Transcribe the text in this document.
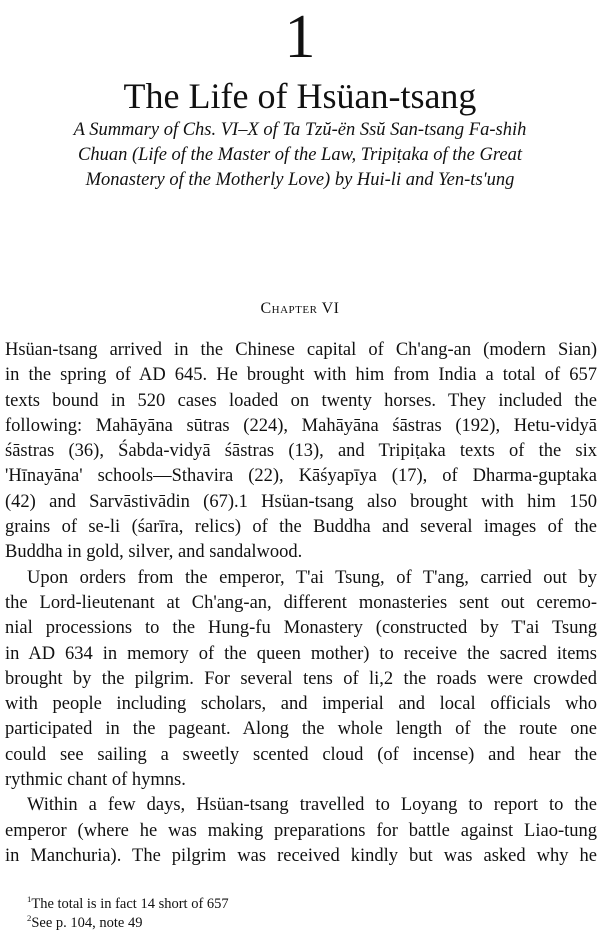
1
The Life of Hsüan-tsang

A Summary of Chs. VI–X of Ta Tzŭ-ën Ssŭ San-tsang Fa-shih

Chuan (Life of the Master of the Law, Tripiṭaka of the Great

Monastery of the Motherly Love) by Hui-li and Yen-ts'ung

Chapter VI
Hsüan-tsang arrived in the Chinese capital of Ch'ang-an (modern Sian)
in the spring of AD 645. He brought with him from India a total of 657
texts bound in 520 cases loaded on twenty horses. They included the
following: Mahāyāna sūtras (224), Mahāyāna śāstras (192), Hetu-vidyā
śāstras (36), Śabda-vidyā śāstras (13), and Tripiṭaka texts of the six
'Hīnayāna' schools—Sthavira (22), Kāśyapīya (17), of Dharma-guptaka
(42) and Sarvāstivādin (67).1 Hsüan-tsang also brought with him 150
grains of se-li (śarīra, relics) of the Buddha and several images of the
Buddha in gold, silver, and sandalwood.
Upon orders from the emperor, T'ai Tsung, of T'ang, carried out by
the Lord-lieutenant at Ch'ang-an, different monasteries sent out ceremo-
nial processions to the Hung-fu Monastery (constructed by T'ai Tsung
in AD 634 in memory of the queen mother) to receive the sacred items
brought by the pilgrim. For several tens of li,2 the roads were crowded
with people including scholars, and imperial and local officials who
participated in the pageant. Along the whole length of the route one
could see sailing a sweetly scented cloud (of incense) and hear the
rythmic chant of hymns.
Within a few days, Hsüan-tsang travelled to Loyang to report to the
emperor (where he was making preparations for battle against Liao-tung
in Manchuria). The pilgrim was received kindly but was asked why he

$^1$The total is in fact 14 short of 657

$^2$See p. 104, note 49
